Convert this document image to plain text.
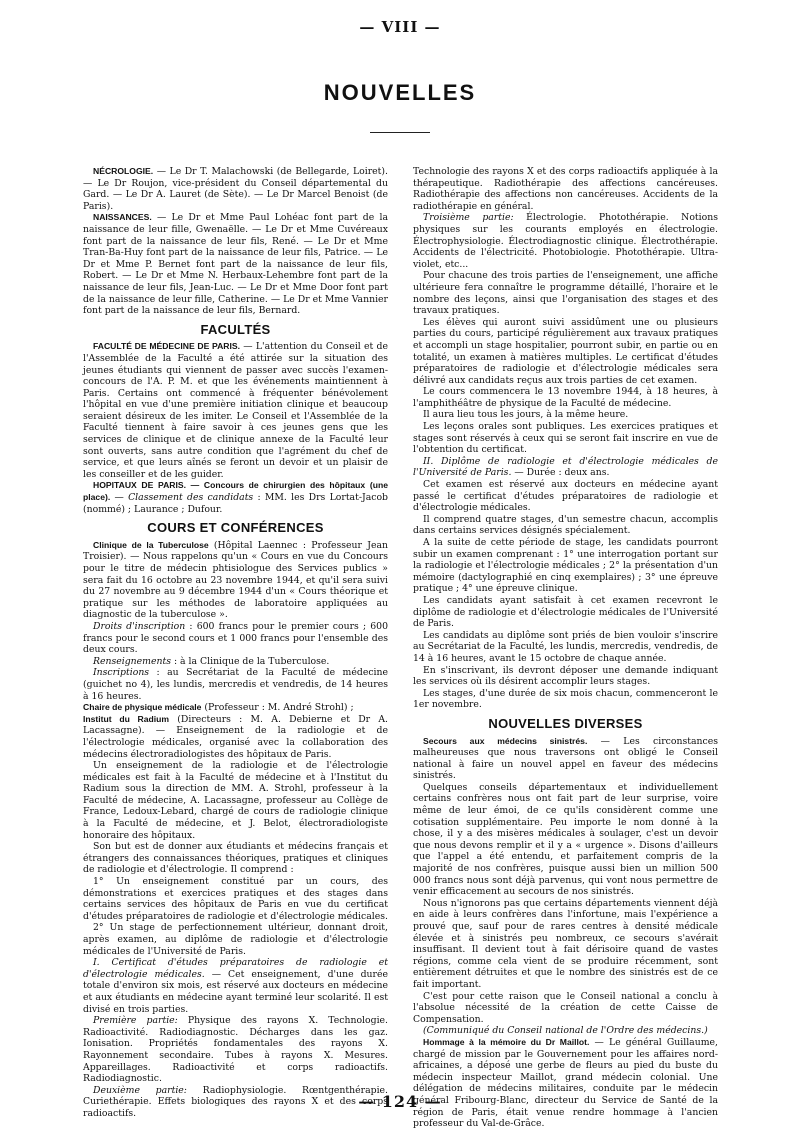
— VIII —
NOUVELLES

NÉCROLOGIE. — Le Dr T. Malachowski (de Bellegarde, Loiret). — Le Dr Roujon, vice-président du Conseil départemental du Gard. — Le Dr A. Lauret (de Sète). — Le Dr Marcel Benoist (de Paris).

NAISSANCES. — Le Dr et Mme Paul Lohéac font part de la naissance de leur fille, Gwenaëlle. — Le Dr et Mme Cuvéreaux font part de la naissance de leur fils, René. — Le Dr et Mme Tran-Ba-Huy font part de la naissance de leur fils, Patrice. — Le Dr et Mme P. Bernet font part de la naissance de leur fils, Robert. — Le Dr et Mme N. Herbaux-Lehembre font part de la naissance de leur fils, Jean-Luc. — Le Dr et Mme Door font part de la naissance de leur fille, Catherine. — Le Dr et Mme Vannier font part de la naissance de leur fils, Bernard.

FACULTÉS

FACULTÉ DE MÉDECINE DE PARIS. — L'attention du Conseil et de l'Assemblée de la Faculté a été attirée sur la situation des jeunes étudiants qui viennent de passer avec succès l'examen-concours de l'A. P. M. et que les événements maintiennent à Paris. Certains ont commencé à fréquenter bénévolement l'hôpital en vue d'une première initiation clinique et beaucoup seraient désireux de les imiter. Le Conseil et l'Assemblée de la Faculté tiennent à faire savoir à ces jeunes gens que les services de clinique et de clinique annexe de la Faculté leur sont ouverts, sans autre condition que l'agrément du chef de service, et que leurs aînés se feront un devoir et un plaisir de les conseiller et de les guider.

HOPITAUX DE PARIS. — Concours de chirurgien des hôpitaux (une place). — Classement des candidats : MM. les Drs Lortat-Jacob (nommé) ; Laurance ; Dufour.

COURS ET CONFÉRENCES

Clinique de la Tuberculose (Hôpital Laennec : Professeur Jean Troisier). — Nous rappelons qu'un « Cours en vue du Concours pour le titre de médecin phtisiologue des Services publics » sera fait du 16 octobre au 23 novembre 1944, et qu'il sera suivi du 27 novembre au 9 décembre 1944 d'un « Cours théorique et pratique sur les méthodes de laboratoire appliquées au diagnostic de la tuberculose ».

Droits d'inscription : 600 francs pour le premier cours ; 600 francs pour le second cours et 1 000 francs pour l'ensemble des deux cours.

Renseignements : à la Clinique de la Tuberculose.

Inscriptions : au Secrétariat de la Faculté de médecine (guichet no 4), les lundis, mercredis et vendredis, de 14 heures à 16 heures.

Chaire de physique médicale (Professeur : M. André Strohl) ;

Institut du Radium (Directeurs : M. A. Debierne et Dr A. Lacassagne). — Enseignement de la radiologie et de l'électrologie médicales, organisé avec la collaboration des médecins électroradiologistes des hôpitaux de Paris.

Un enseignement de la radiologie et de l'électrologie médicales est fait à la Faculté de médecine et à l'Institut du Radium sous la direction de MM. A. Strohl, professeur à la Faculté de médecine, A. Lacassagne, professeur au Collège de France, Ledoux-Lebard, chargé de cours de radiologie clinique à la Faculté de médecine, et J. Belot, électroradiologiste honoraire des hôpitaux.

Son but est de donner aux étudiants et médecins français et étrangers des connaissances théoriques, pratiques et cliniques de radiologie et d'électrologie. Il comprend :

1° Un enseignement constitué par un cours, des démonstrations et exercices pratiques et des stages dans certains services des hôpitaux de Paris en vue du certificat d'études préparatoires de radiologie et d'électrologie médicales.

2° Un stage de perfectionnement ultérieur, donnant droit, après examen, au diplôme de radiologie et d'électrologie médicales de l'Université de Paris.

I. Certificat d'études préparatoires de radiologie et d'électrologie médicales. — Cet enseignement, d'une durée totale d'environ six mois, est réservé aux docteurs en médecine et aux étudiants en médecine ayant terminé leur scolarité. Il est divisé en trois parties.

Première partie: Physique des rayons X. Technologie. Radioactivité. Radiodiagnostic. Décharges dans les gaz. Ionisation. Propriétés fondamentales des rayons X. Rayonnement secondaire. Tubes à rayons X. Mesures. Appareillages. Radioactivité et corps radioactifs. Radiodiagnostic.

Deuxième partie: Radiophysiologie. Rœntgenthérapie. Curiethérapie. Effets biologiques des rayons X et des corps radioactifs.

Technologie des rayons X et des corps radioactifs appliquée à la thérapeutique. Radiothérapie des affections cancéreuses. Radiothérapie des affections non cancéreuses. Accidents de la radiothérapie en général.

Troisième partie: Électrologie. Photothérapie. Notions physiques sur les courants employés en électrologie. Électrophysiologie. Électrodiagnostic clinique. Électrothérapie. Accidents de l'électricité. Photobiologie. Photothérapie. Ultra-violet, etc...

Pour chacune des trois parties de l'enseignement, une affiche ultérieure fera connaître le programme détaillé, l'horaire et le nombre des leçons, ainsi que l'organisation des stages et des travaux pratiques.

Les élèves qui auront suivi assidûment une ou plusieurs parties du cours, participé régulièrement aux travaux pratiques et accompli un stage hospitalier, pourront subir, en partie ou en totalité, un examen à matières multiples. Le certificat d'études préparatoires de radiologie et d'électrologie médicales sera délivré aux candidats reçus aux trois parties de cet examen.

Le cours commencera le 13 novembre 1944, à 18 heures, à l'amphithéâtre de physique de la Faculté de médecine.

Il aura lieu tous les jours, à la même heure.

Les leçons orales sont publiques. Les exercices pratiques et stages sont réservés à ceux qui se seront fait inscrire en vue de l'obtention du certificat.

II. Diplôme de radiologie et d'électrologie médicales de l'Université de Paris. — Durée : deux ans.

Cet examen est réservé aux docteurs en médecine ayant passé le certificat d'études préparatoires de radiologie et d'électrologie médicales.

Il comprend quatre stages, d'un semestre chacun, accomplis dans certains services désignés spécialement.

A la suite de cette période de stage, les candidats pourront subir un examen comprenant : 1° une interrogation portant sur la radiologie et l'électrologie médicales ; 2° la présentation d'un mémoire (dactylographié en cinq exemplaires) ; 3° une épreuve pratique ; 4° une épreuve clinique.

Les candidats ayant satisfait à cet examen recevront le diplôme de radiologie et d'électrologie médicales de l'Université de Paris.

Les candidats au diplôme sont priés de bien vouloir s'inscrire au Secrétariat de la Faculté, les lundis, mercredis, vendredis, de 14 à 16 heures, avant le 15 octobre de chaque année.

En s'inscrivant, ils devront déposer une demande indiquant les services où ils désirent accomplir leurs stages.

Les stages, d'une durée de six mois chacun, commenceront le 1er novembre.

NOUVELLES DIVERSES

Secours aux médecins sinistrés. — Les circonstances malheureuses que nous traversons ont obligé le Conseil national à faire un nouvel appel en faveur des médecins sinistrés.

Quelques conseils départementaux et individuellement certains confrères nous ont fait part de leur surprise, voire même de leur émoi, de ce qu'ils considèrent comme une cotisation supplémentaire. Peu importe le nom donné à la chose, il y a des misères médicales à soulager, c'est un devoir que nous devons remplir et il y a « urgence ». Disons d'ailleurs que l'appel a été entendu, et parfaitement compris de la majorité de nos confrères, puisque aussi bien un million 500 000 francs nous sont déjà parvenus, qui vont nous permettre de venir efficacement au secours de nos sinistrés.

Nous n'ignorons pas que certains départements viennent déjà en aide à leurs confrères dans l'infortune, mais l'expérience a prouvé que, sauf pour de rares centres à densité médicale élevée et à sinistrés peu nombreux, ce secours s'avérait insuffisant. Il devient tout à fait dérisoire quand de vastes régions, comme cela vient de se produire récemment, sont entièrement détruites et que le nombre des sinistrés est de ce fait important.

C'est pour cette raison que le Conseil national a conclu à l'absolue nécessité de la création de cette Caisse de Compensation.

(Communiqué du Conseil national de l'Ordre des médecins.)

Hommage à la mémoire du Dr Maillot. — Le général Guillaume, chargé de mission par le Gouvernement pour les affaires nord-africaines, a déposé une gerbe de fleurs au pied du buste du médecin inspecteur Maillot, grand médecin colonial. Une délégation de médecins militaires, conduite par le médecin général Fribourg-Blanc, directeur du Service de Santé de la région de Paris, était venue rendre hommage à l'ancien professeur du Val-de-Grâce.

— 124 —
